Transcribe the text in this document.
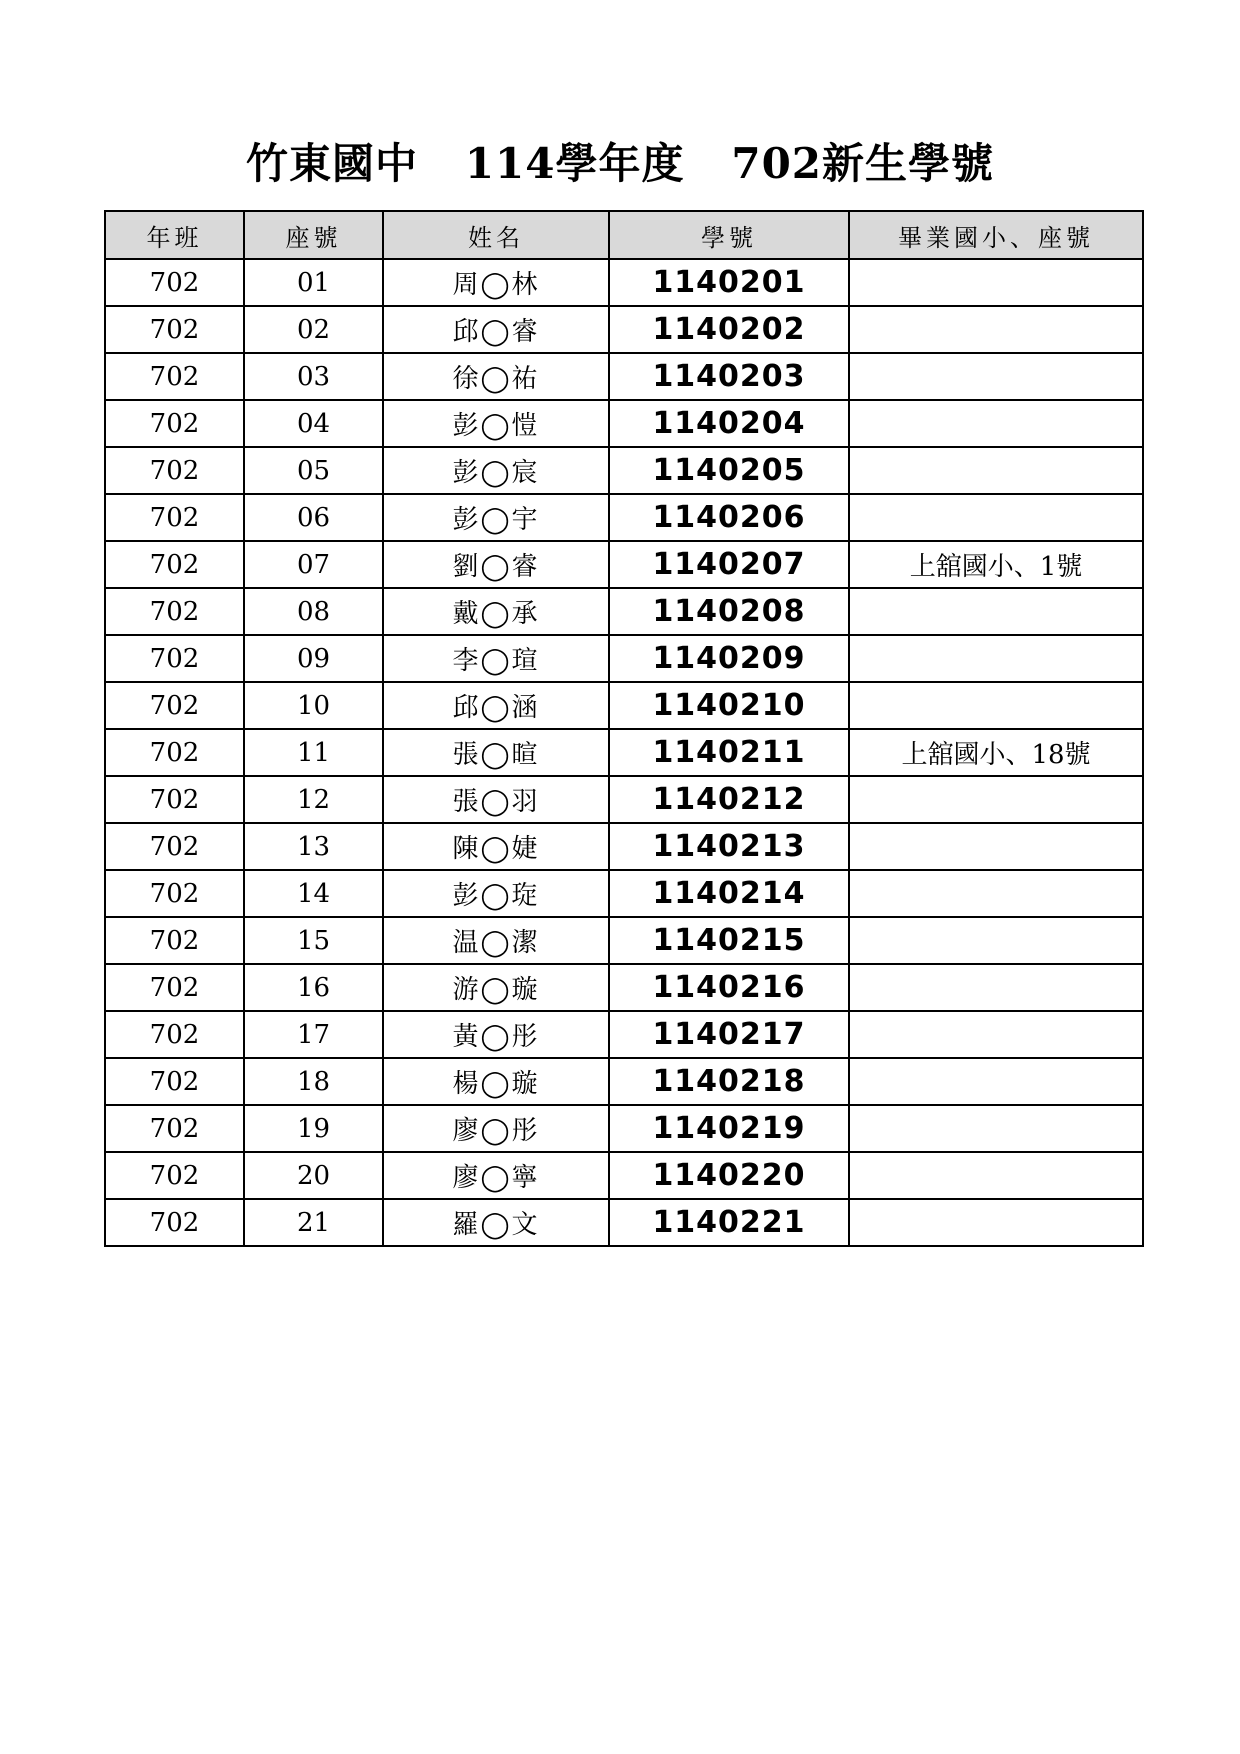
竹東國中   114學年度   702新生學號
年班	座號	姓名	學號	畢業國小、座號
702	01	周◯林	1140201	
702	02	邱◯睿	1140202	
702	03	徐◯祐	1140203	
702	04	彭◯愷	1140204	
702	05	彭◯宸	1140205	
702	06	彭◯宇	1140206	
702	07	劉◯睿	1140207	上舘國小、1號
702	08	戴◯承	1140208	
702	09	李◯瑄	1140209	
702	10	邱◯涵	1140210	
702	11	張◯暄	1140211	上舘國小、18號
702	12	張◯羽	1140212	
702	13	陳◯婕	1140213	
702	14	彭◯琁	1140214	
702	15	温◯潔	1140215	
702	16	游◯璇	1140216	
702	17	黃◯彤	1140217	
702	18	楊◯璇	1140218	
702	19	廖◯彤	1140219	
702	20	廖◯寧	1140220	
702	21	羅◯文	1140221	
